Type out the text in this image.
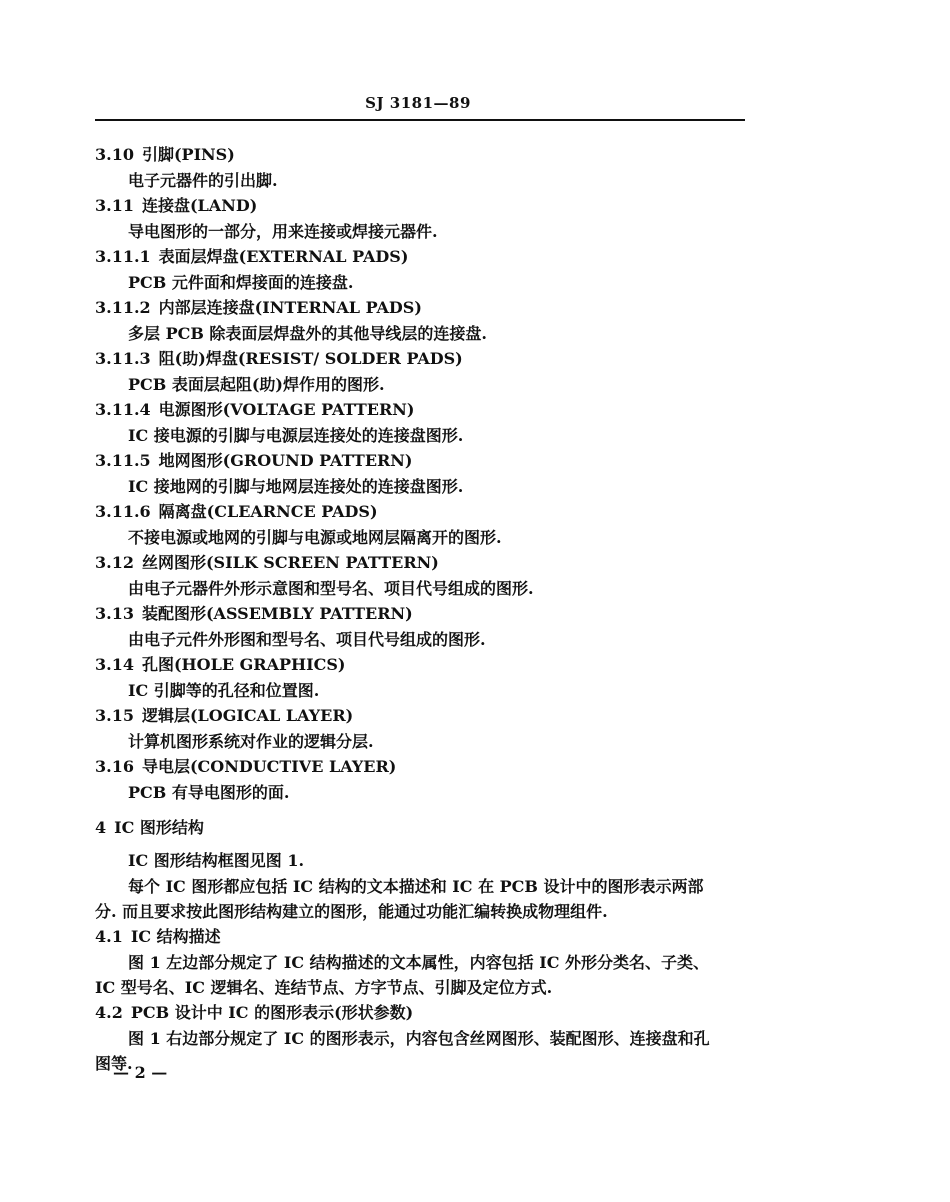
SJ 3181—89
3.10 引脚(PINS)
电子元器件的引出脚.
3.11 连接盘(LAND)
导电图形的一部分，用来连接或焊接元器件.
3.11.1 表面层焊盘(EXTERNAL PADS)
PCB 元件面和焊接面的连接盘.
3.11.2 内部层连接盘(INTERNAL PADS)
多层 PCB 除表面层焊盘外的其他导线层的连接盘.
3.11.3 阻(助)焊盘(RESIST/ SOLDER PADS)
PCB 表面层起阻(助)焊作用的图形.
3.11.4 电源图形(VOLTAGE PATTERN)
IC 接电源的引脚与电源层连接处的连接盘图形.
3.11.5 地网图形(GROUND PATTERN)
IC 接地网的引脚与地网层连接处的连接盘图形.
3.11.6 隔离盘(CLEARNCE PADS)
不接电源或地网的引脚与电源或地网层隔离开的图形.
3.12 丝网图形(SILK SCREEN PATTERN)
由电子元器件外形示意图和型号名、项目代号组成的图形.
3.13 装配图形(ASSEMBLY PATTERN)
由电子元件外形图和型号名、项目代号组成的图形.
3.14 孔图(HOLE GRAPHICS)
IC 引脚等的孔径和位置图.
3.15 逻辑层(LOGICAL LAYER)
计算机图形系统对作业的逻辑分层.
3.16 导电层(CONDUCTIVE LAYER)
PCB 有导电图形的面.
4 IC 图形结构
IC 图形结构框图见图 1.
每个 IC 图形都应包括 IC 结构的文本描述和 IC 在 PCB 设计中的图形表示两部
分. 而且要求按此图形结构建立的图形，能通过功能汇编转换成物理组件.
4.1 IC 结构描述
图 1 左边部分规定了 IC 结构描述的文本属性，内容包括 IC 外形分类名、子类、
IC 型号名、IC 逻辑名、连结节点、方字节点、引脚及定位方式.
4.2 PCB 设计中 IC 的图形表示(形状参数)
图 1 右边部分规定了 IC 的图形表示，内容包含丝网图形、装配图形、连接盘和孔
图等.
— 2 —
